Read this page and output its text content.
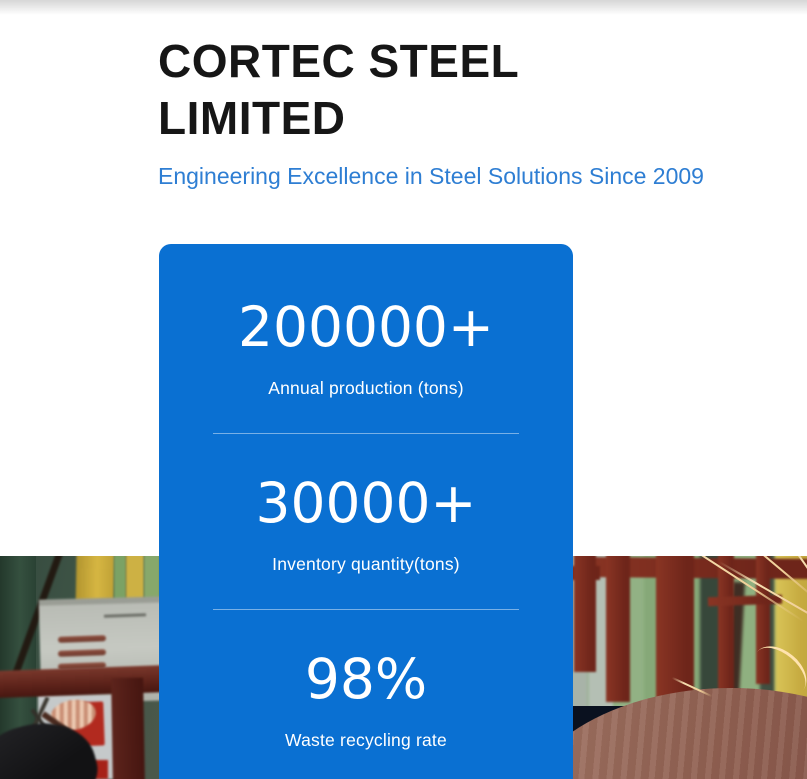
CORTEC STEEL LIMITED

Engineering Excellence in Steel Solutions Since 2009

200000+
Annual production (tons)
30000+
Inventory quantity(tons)
98%
Waste recycling rate
